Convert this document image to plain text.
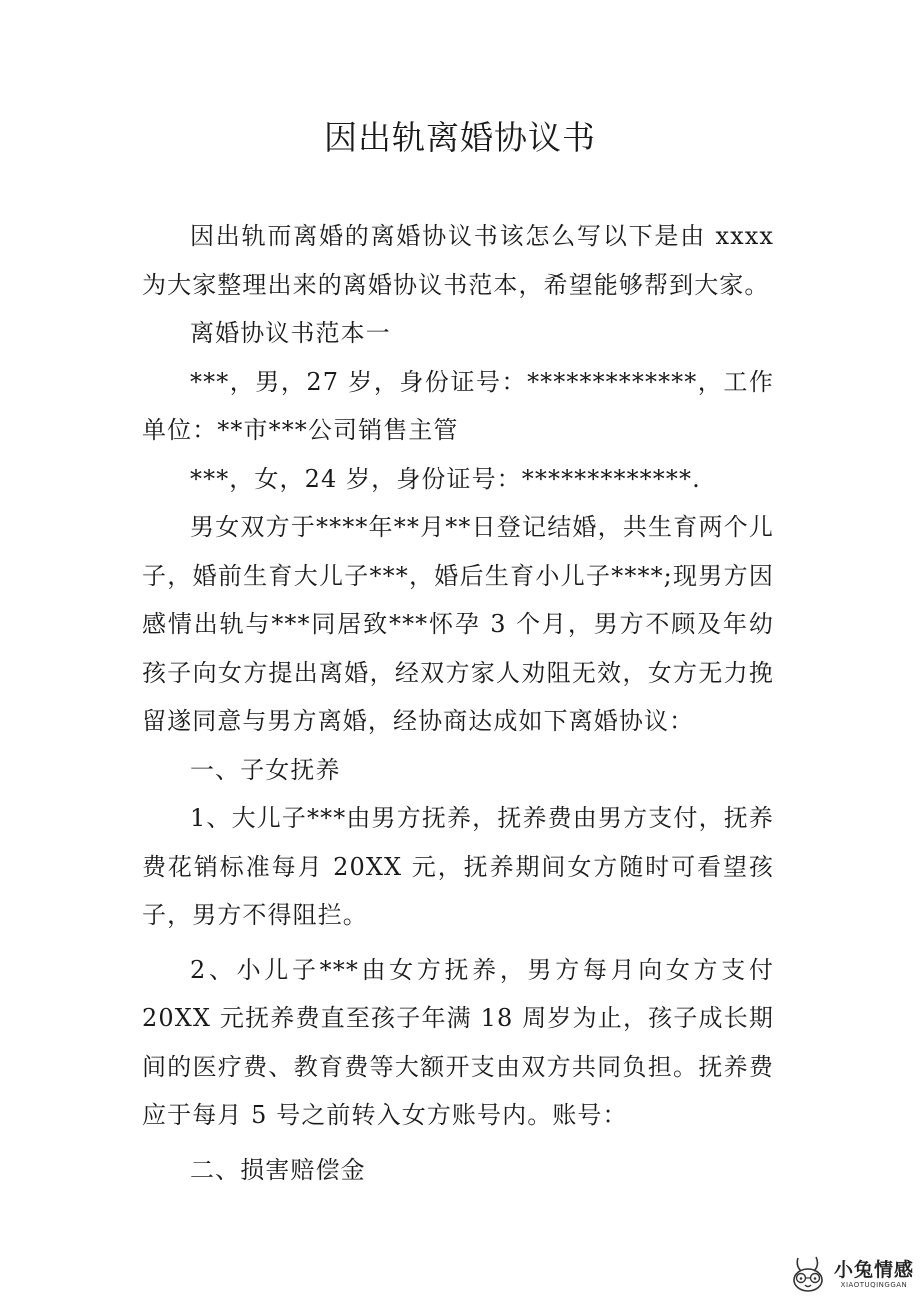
因出轨离婚协议书

因出轨而离婚的离婚协议书该怎么写以下是由 xxxx 为大家整理出来的离婚协议书范本，希望能够帮到大家。

离婚协议书范本一

***，男，27 岁，身份证号：*************，工作单位：**市***公司销售主管

***，女，24 岁，身份证号：*************.

男女双方于****年**月**日登记结婚，共生育两个儿子，婚前生育大儿子***，婚后生育小儿子****;现男方因感情出轨与***同居致***怀孕 3 个月，男方不顾及年幼孩子向女方提出离婚，经双方家人劝阻无效，女方无力挽留遂同意与男方离婚，经协商达成如下离婚协议：

一、子女抚养

1、大儿子***由男方抚养，抚养费由男方支付，抚养费花销标准每月 20XX 元，抚养期间女方随时可看望孩子，男方不得阻拦。

2、小儿子***由女方抚养，男方每月向女方支付 20XX 元抚养费直至孩子年满 18 周岁为止，孩子成长期间的医疗费、教育费等大额开支由双方共同负担。抚养费应于每月 5 号之前转入女方账号内。账号：

二、损害赔偿金

小兔情感
XIAOTUQINGGAN
